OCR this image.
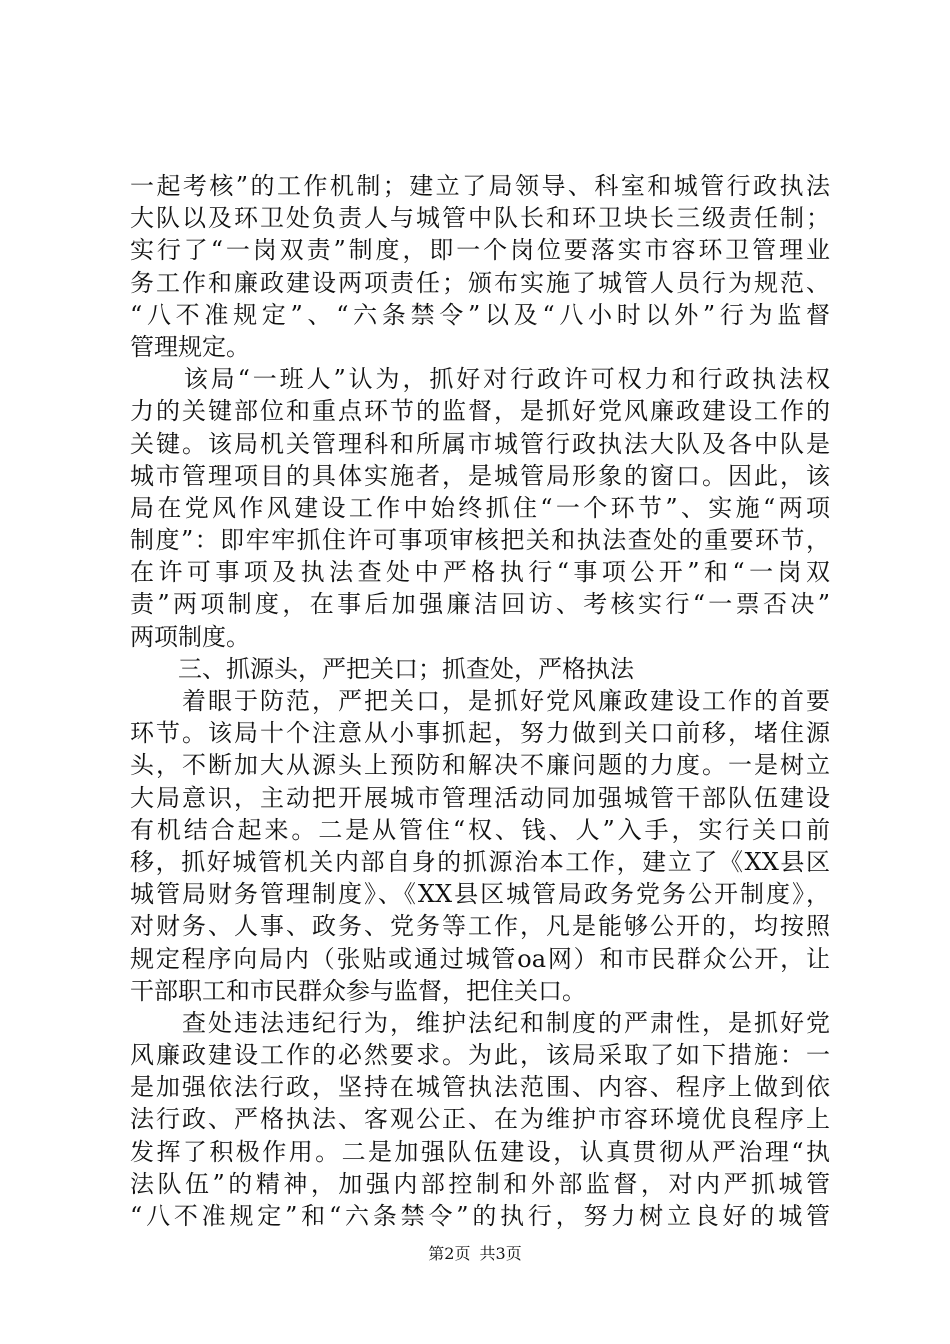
一起考核”的工作机制；建立了局领导、科室和城管行政执法
大队以及环卫处负责人与城管中队长和环卫块长三级责任制；
实行了“一岗双责”制度，即一个岗位要落实市容环卫管理业
务工作和廉政建设两项责任；颁布实施了城管人员行为规范、
“八不准规定”、“六条禁令”以及“八小时以外”行为监督
管理规定。
　　该局“一班人”认为，抓好对行政许可权力和行政执法权
力的关键部位和重点环节的监督，是抓好党风廉政建设工作的
关键。该局机关管理科和所属市城管行政执法大队及各中队是
城市管理项目的具体实施者，是城管局形象的窗口。因此，该
局在党风作风建设工作中始终抓住“一个环节”、实施“两项
制度”：即牢牢抓住许可事项审核把关和执法查处的重要环节，
在许可事项及执法查处中严格执行“事项公开”和“一岗双
责”两项制度，在事后加强廉洁回访、考核实行“一票否决”
两项制度。
　　三、抓源头，严把关口；抓查处，严格执法
　　着眼于防范，严把关口，是抓好党风廉政建设工作的首要
环节。该局十个注意从小事抓起，努力做到关口前移，堵住源
头，不断加大从源头上预防和解决不廉问题的力度。一是树立
大局意识，主动把开展城市管理活动同加强城管干部队伍建设
有机结合起来。二是从管住“权、钱、人”入手，实行关口前
移，抓好城管机关内部自身的抓源治本工作，建立了《XX县区
城管局财务管理制度》、《XX县区城管局政务党务公开制度》，
对财务、人事、政务、党务等工作，凡是能够公开的，均按照
规定程序向局内（张贴或通过城管oa网）和市民群众公开，让
干部职工和市民群众参与监督，把住关口。
　　查处违法违纪行为，维护法纪和制度的严肃性，是抓好党
风廉政建设工作的必然要求。为此，该局采取了如下措施：一
是加强依法行政，坚持在城管执法范围、内容、程序上做到依
法行政、严格执法、客观公正、在为维护市容环境优良程序上
发挥了积极作用。二是加强队伍建设，认真贯彻从严治理“执
法队伍”的精神，加强内部控制和外部监督，对内严抓城管
“八不准规定”和“六条禁令”的执行，努力树立良好的城管
第2页 共3页
